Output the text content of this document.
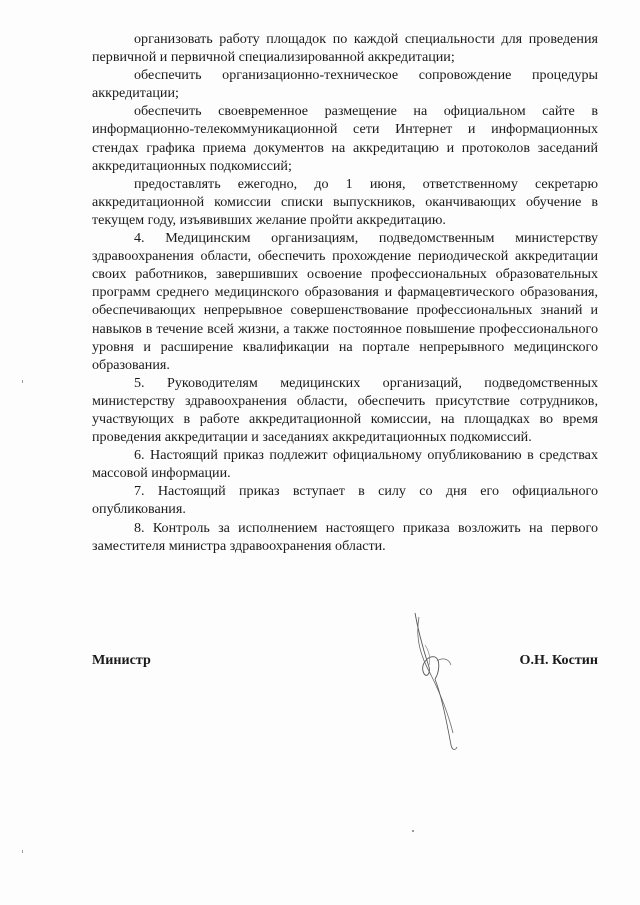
организовать работу площадок по каждой специальности для проведения первичной и первичной специализированной аккредитации;

обеспечить организационно-техническое сопровождение процедуры аккредитации;

обеспечить своевременное размещение на официальном сайте в информационно-телекоммуникационной сети Интернет и информационных стендах графика приема документов на аккредитацию и протоколов заседаний аккредитационных подкомиссий;

предоставлять ежегодно, до 1 июня, ответственному секретарю аккредитационной комиссии списки выпускников, оканчивающих обучение в текущем году, изъявивших желание пройти аккредитацию.

4. Медицинским организациям, подведомственным министерству здравоохранения области, обеспечить прохождение периодической аккредитации своих работников, завершивших освоение профессиональных образовательных программ среднего медицинского образования и фармацевтического образования, обеспечивающих непрерывное совершенствование профессиональных знаний и навыков в течение всей жизни, а также постоянное повышение профессионального уровня и расширение квалификации на портале непрерывного медицинского образования.

5. Руководителям медицинских организаций, подведомственных министерству здравоохранения области, обеспечить присутствие сотрудников, участвующих в работе аккредитационной комиссии, на площадках во время проведения аккредитации и заседаниях аккредитационных подкомиссий.

6. Настоящий приказ подлежит официальному опубликованию в средствах массовой информации.

7. Настоящий приказ вступает в силу со дня его официального опубликования.

8. Контроль за исполнением настоящего приказа возложить на первого заместителя министра здравоохранения области.

Министр	О.Н. Костин
